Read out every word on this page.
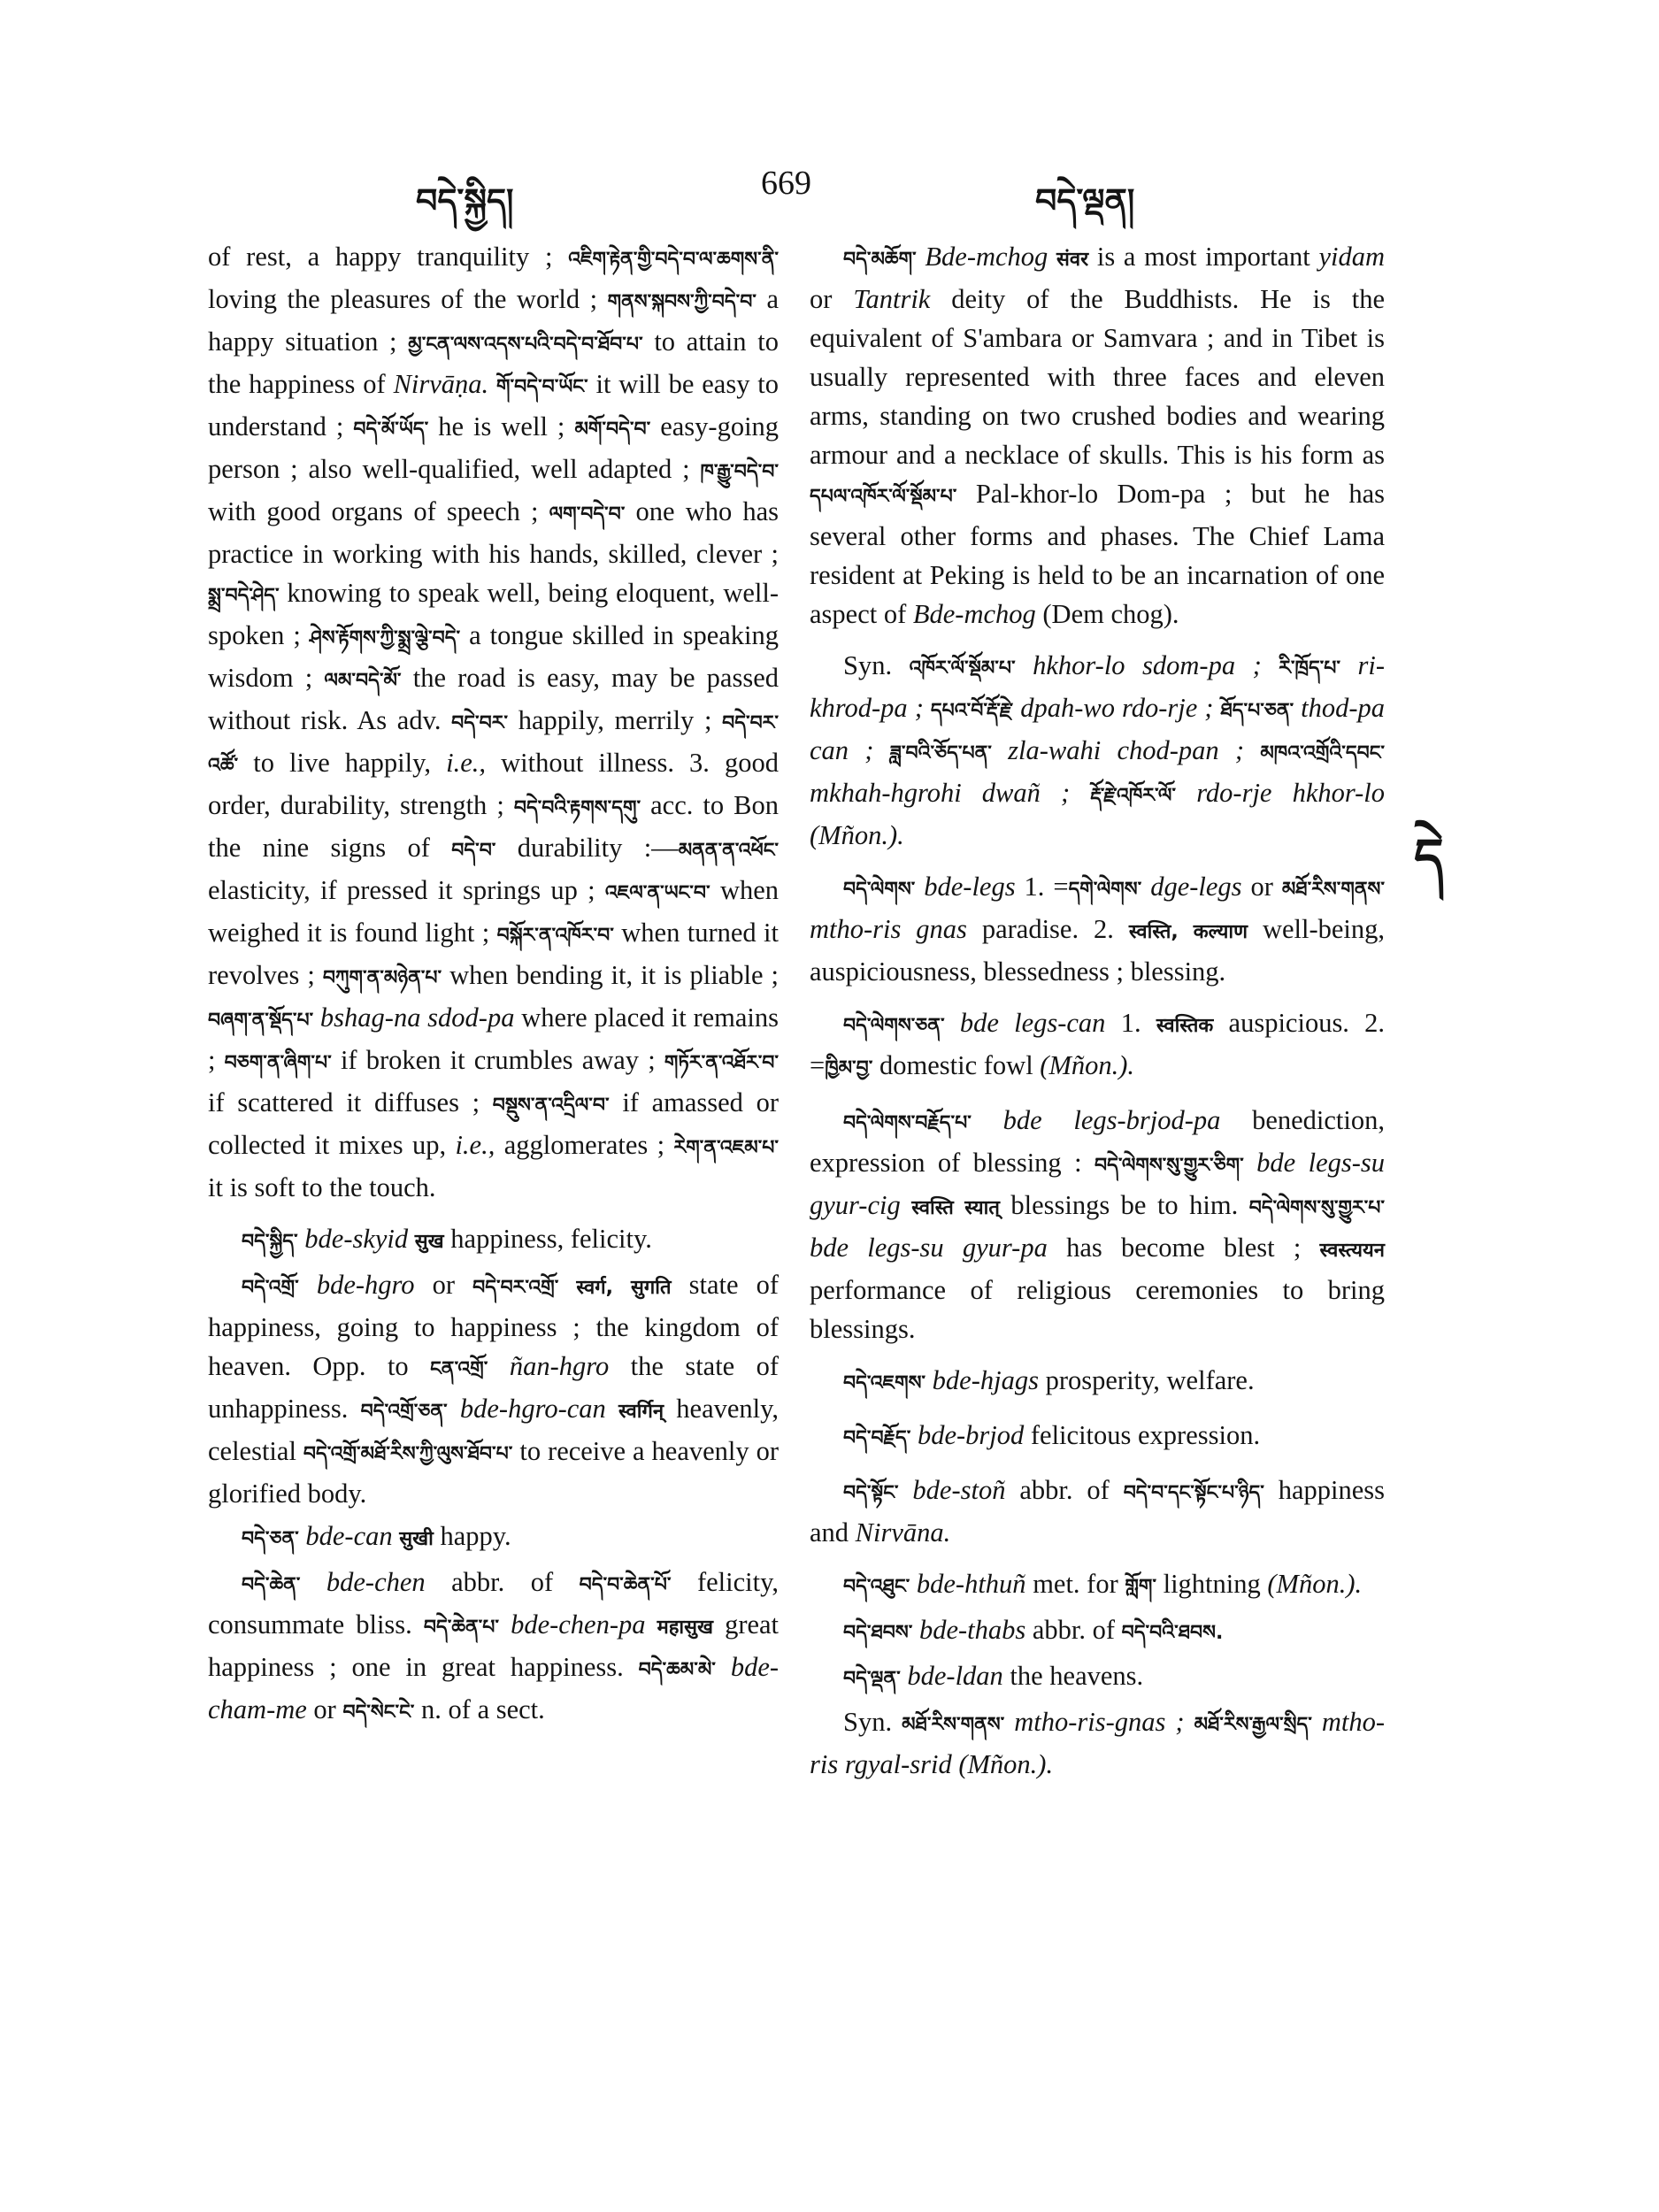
བདེ་སྐྱིད།	669	བདེ་ལྡན།
དེ

of rest, a happy tranquility ; འཇིག་རྟེན་གྱི་བདེ་བ་ལ་ཆགས་ནི་ loving the pleasures of the world ; གནས་སྐབས་ཀྱི་བདེ་བ་ a happy situation ; མྱ་ངན་ལས་འདས་པའི་བདེ་བ་ཐོབ་པ་ to attain to the happiness of Nirvāṇa. གོ་བདེ་བ་ཡོང་ it will be easy to understand ; བདེ་མོ་ཡོད་ he is well ; མགོ་བདེ་བ་ easy-going person ; also well-qualified, well adapted ; ཁ་རྒྱུ་བདེ་བ་ with good organs of speech ; ལག་བདེ་བ་ one who has practice in working with his hands, skilled, clever ; སྨྲ་བདེ་ཤེད་ knowing to speak well, being eloquent, well-spoken ; ཤེས་རྟོགས་ཀྱི་སྨྲ་ལྕེ་བདེ་ a tongue skilled in speaking wisdom ; ལམ་བདེ་མོ་ the road is easy, may be passed without risk. As adv. བདེ་བར་ happily, merrily ; བདེ་བར་འཚོ་ to live happily, i.e., without illness. 3. good order, durability, strength ; བདེ་བའི་རྟགས་དགུ་ acc. to Bon the nine signs of བདེ་བ་ durability :—མནན་ན་འཕོང་ elasticity, if pressed it springs up ; འཇལ་ན་ཡང་བ་ when weighed it is found light ; བསྐོར་ན་འཁོར་བ་ when turned it revolves ; བཀུག་ན་མཉེན་པ་ when bending it, it is pliable ; བཞག་ན་སྡོད་པ་ bshag-na sdod-pa where placed it remains ; བཅག་ན་ཞིག་པ་ if broken it crumbles away ; གཏོར་ན་འཐོར་བ་ if scattered it diffuses ; བསྡུས་ན་འདྲིལ་བ་ if amassed or collected it mixes up, i.e., agglomerates ; རེག་ན་འཇམ་པ་ it is soft to the touch.

བདེ་སྐྱིད་ bde-skyid सुख happiness, felicity.

བདེ་འགྲོ་ bde-hgro or བདེ་བར་འགྲོ་ स्वर्ग, सुगति state of happiness, going to happiness ; the kingdom of heaven. Opp. to ངན་འགྲོ་ ñan-hgro the state of unhappiness. བདེ་འགྲོ་ཅན་ bde-hgro-can स्वर्गिन् heavenly, celestial བདེ་འགྲོ་མཐོ་རིས་ཀྱི་ལུས་ཐོབ་པ་ to receive a heavenly or glorified body.

བདེ་ཅན་ bde-can सुखी happy.

བདེ་ཆེན་ bde-chen abbr. of བདེ་བ་ཆེན་པོ་ felicity, consummate bliss. བདེ་ཆེན་པ་ bde-chen-pa महासुख great happiness ; one in great happiness. བདེ་ཆམ་མེ་ bde-cham-me or བདེ་སེང་ངེ་ n. of a sect.

བདེ་མཆོག་ Bde-mchog संवर is a most important yidam or Tantrik deity of the Buddhists. He is the equivalent of S'ambara or Samvara ; and in Tibet is usually represented with three faces and eleven arms, standing on two crushed bodies and wearing armour and a necklace of skulls. This is his form as དཔལ་འཁོར་ལོ་སྡོམ་པ་ Pal-khor-lo Dom-pa ; but he has several other forms and phases. The Chief Lama resident at Peking is held to be an incarnation of one aspect of Bde-mchog (Dem chog).

Syn. འཁོར་ལོ་སྡོམ་པ་ hkhor-lo sdom-pa ; རི་ཁྲོད་པ་ ri-khrod-pa ; དཔའ་བོ་རྡོ་རྗེ་ dpah-wo rdo-rje ; ཐོད་པ་ཅན་ thod-pa can ; ཟླ་བའི་ཅོད་པན་ zla-wahi chod-pan ; མཁའ་འགྲོའི་དབང་ mkhah-hgrohi dwañ ; རྡོ་རྗེ་འཁོར་ལོ་ rdo-rje hkhor-lo (Mñon.).

བདེ་ལེགས་ bde-legs 1. =དགེ་ལེགས་ dge-legs or མཐོ་རིས་གནས་ mtho-ris gnas paradise. 2. स्वस्ति, कल्याण well-being, auspiciousness, blessedness ; blessing.

བདེ་ལེགས་ཅན་ bde legs-can 1. स्वस्तिक auspicious. 2. =ཁྱིམ་བྱ་ domestic fowl (Mñon.).

བདེ་ལེགས་བརྗོད་པ་ bde legs-brjod-pa benediction, expression of blessing : བདེ་ལེགས་སུ་གྱུར་ཅིག་ bde legs-su gyur-cig स्वस्ति स्यात् blessings be to him. བདེ་ལེགས་སུ་གྱུར་པ་ bde legs-su gyur-pa has become blest ; स्वस्त्ययन performance of religious ceremonies to bring blessings.

བདེ་འཇགས་ bde-hjags prosperity, welfare.

བདེ་བརྗོད་ bde-brjod felicitous expression.

བདེ་སྟོང་ bde-stoñ abbr. of བདེ་བ་དང་སྟོང་པ་ཉིད་ happiness and Nirvāna.

བདེ་འཐུང་ bde-hthuñ met. for གློག་ lightning (Mñon.).

བདེ་ཐབས་ bde-thabs abbr. of བདེ་བའི་ཐབས.

བདེ་ལྡན་ bde-ldan the heavens.

Syn. མཐོ་རིས་གནས་ mtho-ris-gnas ; མཐོ་རིས་རྒྱལ་སྲིད་ mtho-ris rgyal-srid (Mñon.).
